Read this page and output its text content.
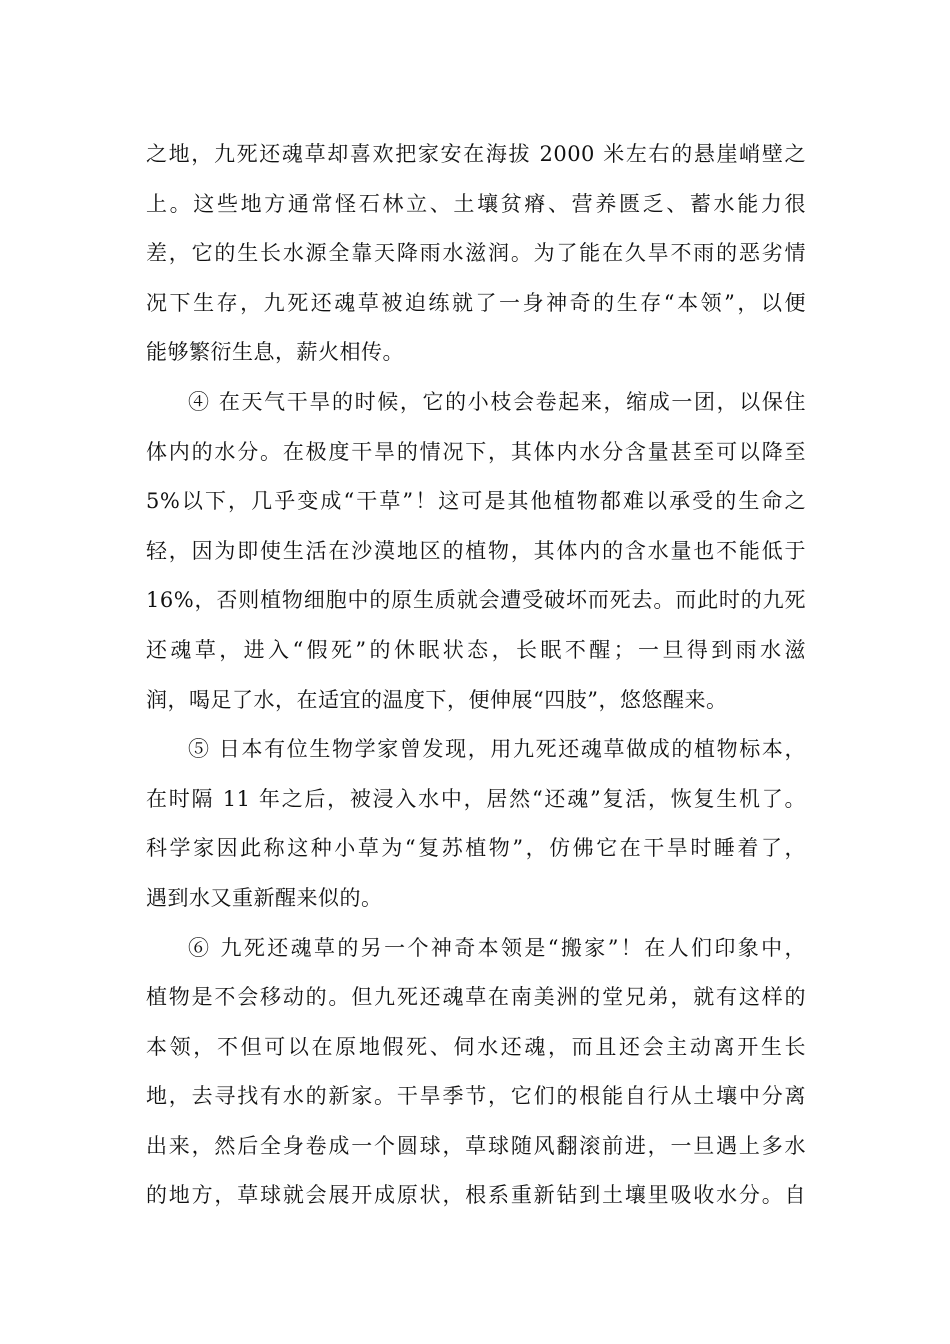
之地，九死还魂草却喜欢把家安在海拔 2000 米左右的悬崖峭壁之
上。这些地方通常怪石林立、土壤贫瘠、营养匮乏、蓄水能力很
差，它的生长水源全靠天降雨水滋润。为了能在久旱不雨的恶劣情
况下生存，九死还魂草被迫练就了一身神奇的生存“本领”，以便
能够繁衍生息，薪火相传。
④ 在天气干旱的时候，它的小枝会卷起来，缩成一团，以保住
体内的水分。在极度干旱的情况下，其体内水分含量甚至可以降至
5%以下，几乎变成“干草”！这可是其他植物都难以承受的生命之
轻，因为即使生活在沙漠地区的植物，其体内的含水量也不能低于
16%，否则植物细胞中的原生质就会遭受破坏而死去。而此时的九死
还魂草，进入“假死”的休眠状态，长眠不醒；一旦得到雨水滋
润，喝足了水，在适宜的温度下，便伸展“四肢”，悠悠醒来。
⑤ 日本有位生物学家曾发现，用九死还魂草做成的植物标本，
在时隔 11 年之后，被浸入水中，居然“还魂”复活，恢复生机了。
科学家因此称这种小草为“复苏植物”，仿佛它在干旱时睡着了，
遇到水又重新醒来似的。
⑥ 九死还魂草的另一个神奇本领是“搬家”！在人们印象中，
植物是不会移动的。但九死还魂草在南美洲的堂兄弟，就有这样的
本领，不但可以在原地假死、伺水还魂，而且还会主动离开生长
地，去寻找有水的新家。干旱季节，它们的根能自行从土壤中分离
出来，然后全身卷成一个圆球，草球随风翻滚前进，一旦遇上多水
的地方，草球就会展开成原状，根系重新钻到土壤里吸收水分。自
